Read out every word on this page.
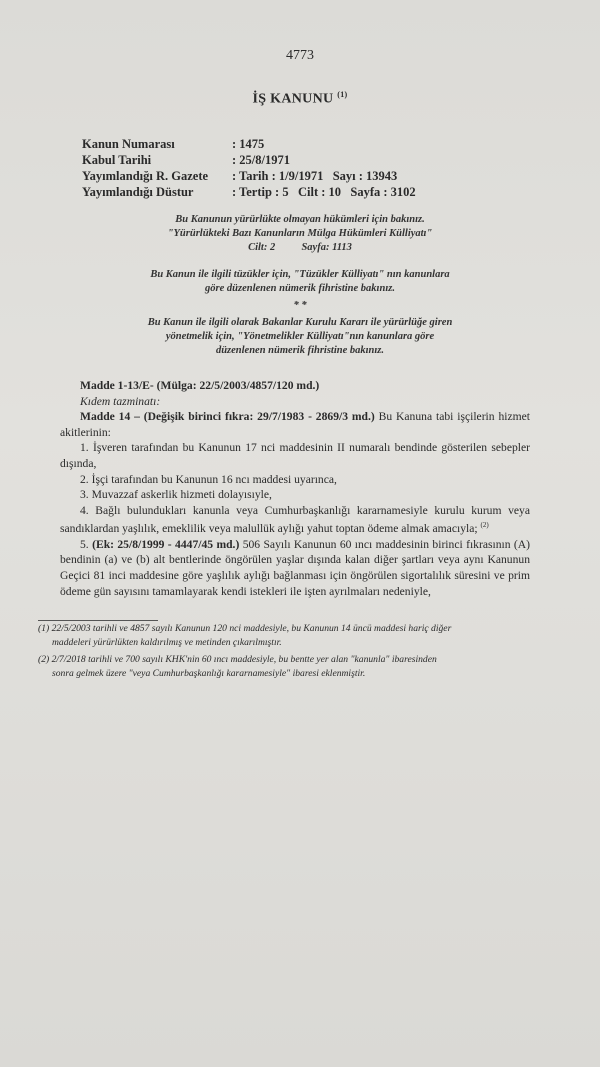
4773
İŞ KANUNU $^{(1)}$
Kanun Numarası	: 1475
Kabul Tarihi	: 25/8/1971
Yayımlandığı R. Gazete	: Tarih : 1/9/1971   Sayı : 13943
Yayımlandığı Düstur	: Tertip : 5   Cilt : 10   Sayfa : 3102
Bu Kanunun yürürlükte olmayan hükümleri için bakınız.
"Yürürlükteki Bazı Kanunların Mülga Hükümleri Külliyatı"
Cilt: 2          Sayfa: 1113
Bu Kanun ile ilgili tüzükler için, "Tüzükler Külliyatı" nın kanunlara
göre düzenlenen nümerik fihristine bakınız.
* *
Bu Kanun ile ilgili olarak Bakanlar Kurulu Kararı ile yürürlüğe giren
yönetmelik için, "Yönetmelikler Külliyatı"nın kanunlara göre
düzenlenen nümerik fihristine bakınız.
Madde 1-13/E- (Mülga: 22/5/2003/4857/120 md.)
Kıdem tazminatı:
Madde 14 – (Değişik birinci fıkra: 29/7/1983 - 2869/3 md.) Bu Kanuna tabi işçilerin hizmet akitlerinin:
1. İşveren tarafından bu Kanunun 17 nci maddesinin II numaralı bendinde gösterilen sebepler dışında,
2. İşçi tarafından bu Kanunun 16 ncı maddesi uyarınca,
3. Muvazzaf askerlik hizmeti dolayısıyle,
4. Bağlı bulundukları kanunla veya Cumhurbaşkanlığı kararnamesiyle kurulu kurum veya sandıklardan yaşlılık, emeklilik veya malullük aylığı yahut toptan ödeme almak amacıyla; $^{(2)}$
5. (Ek: 25/8/1999 - 4447/45 md.) 506 Sayılı Kanunun 60 ıncı maddesinin birinci fıkrasının (A) bendinin (a) ve (b) alt bentlerinde öngörülen yaşlar dışında kalan diğer şartları veya aynı Kanunun Geçici 81 inci maddesine göre yaşlılık aylığı bağlanması için öngörülen sigortalılık süresini ve prim ödeme gün sayısını tamamlayarak kendi istekleri ile işten ayrılmaları nedeniyle,
(1) 22/5/2003 tarihli ve 4857 sayılı Kanunun 120 nci maddesiyle, bu Kanunun 14 üncü maddesi hariç diğer
maddeleri yürürlükten kaldırılmış ve metinden çıkarılmıştır.
(2) 2/7/2018 tarihli ve 700 sayılı KHK'nin 60 ıncı maddesiyle, bu bentte yer alan "kanunla" ibaresinden
sonra gelmek üzere "veya Cumhurbaşkanlığı kararnamesiyle" ibaresi eklenmiştir.
